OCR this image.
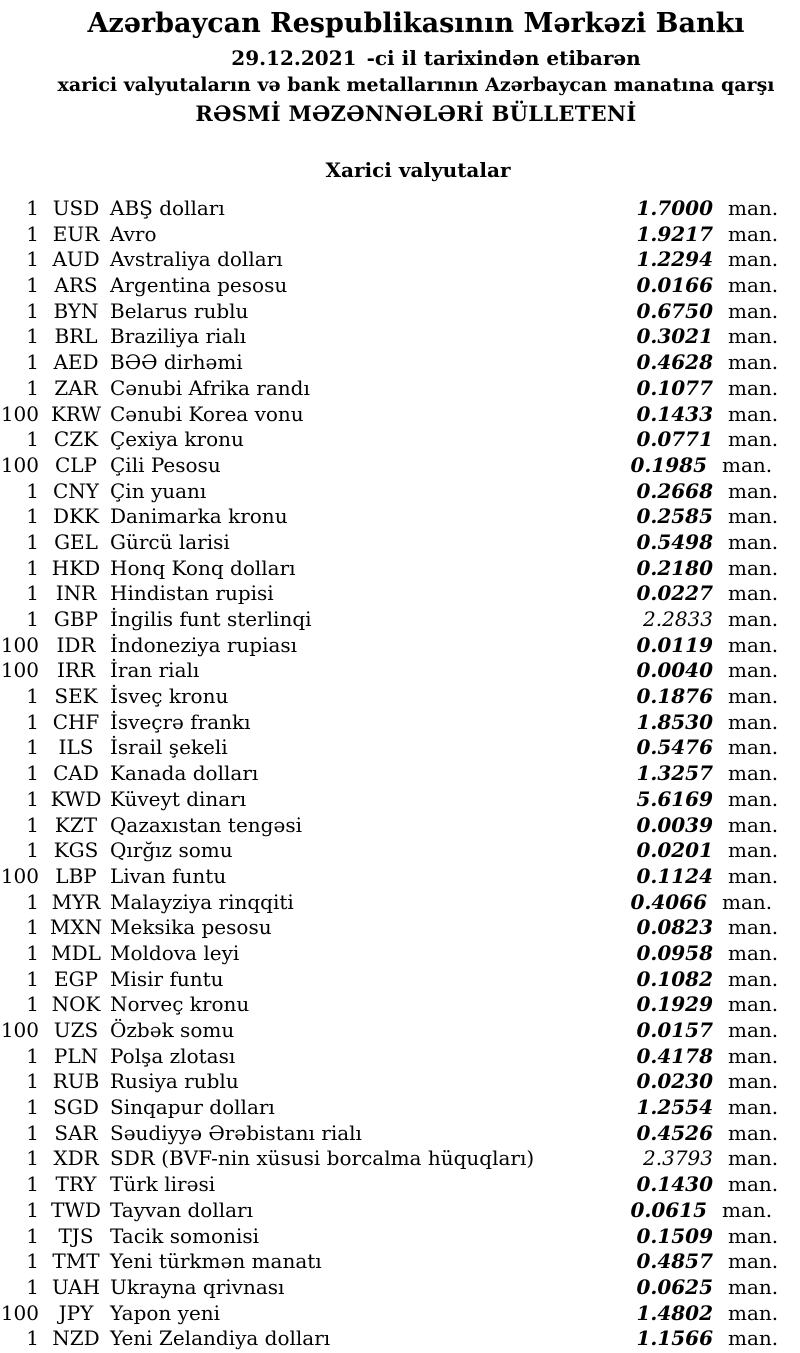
Azərbaycan Respublikasının Mərkəzi Bankı
29.12.2021 -ci il tarixindən etibarən
xarici valyutaların və bank metallarının Azərbaycan manatına qarşı
RƏSMİ MƏZƏNNƏLƏRİ BÜLLETENİ
Xarici valyutalar
1 USD ABŞ dolları	1.7000 man.
1 EUR Avro	1.9217 man.
1 AUD Avstraliya dolları	1.2294 man.
1 ARS Argentina pesosu	0.0166 man.
1 BYN Belarus rublu	0.6750 man.
1 BRL Braziliya rialı	0.3021 man.
1 AED BƏƏ dirhəmi	0.4628 man.
1 ZAR Cənubi Afrika randı	0.1077 man.
100 KRW Cənubi Korea vonu	0.1433 man.
1 CZK Çexiya kronu	0.0771 man.
100 CLP Çili Pesosu	0.1985 man.
1 CNY Çin yuanı	0.2668 man.
1 DKK Danimarka kronu	0.2585 man.
1 GEL Gürcü larisi	0.5498 man.
1 HKD Honq Konq dolları	0.2180 man.
1 INR Hindistan rupisi	0.0227 man.
1 GBP İngilis funt sterlinqi	2.2833 man.
100 IDR İndoneziya rupiası	0.0119 man.
100 IRR İran rialı	0.0040 man.
1 SEK İsveç kronu	0.1876 man.
1 CHF İsveçrə frankı	1.8530 man.
1 ILS İsrail şekeli	0.5476 man.
1 CAD Kanada dolları	1.3257 man.
1 KWD Küveyt dinarı	5.6169 man.
1 KZT Qazaxıstan tengəsi	0.0039 man.
1 KGS Qırğız somu	0.0201 man.
100 LBP Livan funtu	0.1124 man.
1 MYR Malayziya rinqqiti	0.4066 man.
1 MXN Meksika pesosu	0.0823 man.
1 MDL Moldova leyi	0.0958 man.
1 EGP Misir funtu	0.1082 man.
1 NOK Norveç kronu	0.1929 man.
100 UZS Özbək somu	0.0157 man.
1 PLN Polşa zlotası	0.4178 man.
1 RUB Rusiya rublu	0.0230 man.
1 SGD Sinqapur dolları	1.2554 man.
1 SAR Səudiyyə Ərəbistanı rialı	0.4526 man.
1 XDR SDR (BVF-nin xüsusi borcalma hüquqları)	2.3793 man.
1 TRY Türk lirəsi	0.1430 man.
1 TWD Tayvan dolları	0.0615 man.
1 TJS Tacik somonisi	0.1509 man.
1 TMT Yeni türkmən manatı	0.4857 man.
1 UAH Ukrayna qrivnası	0.0625 man.
100 JPY Yapon yeni	1.4802 man.
1 NZD Yeni Zelandiya dolları	1.1566 man.
